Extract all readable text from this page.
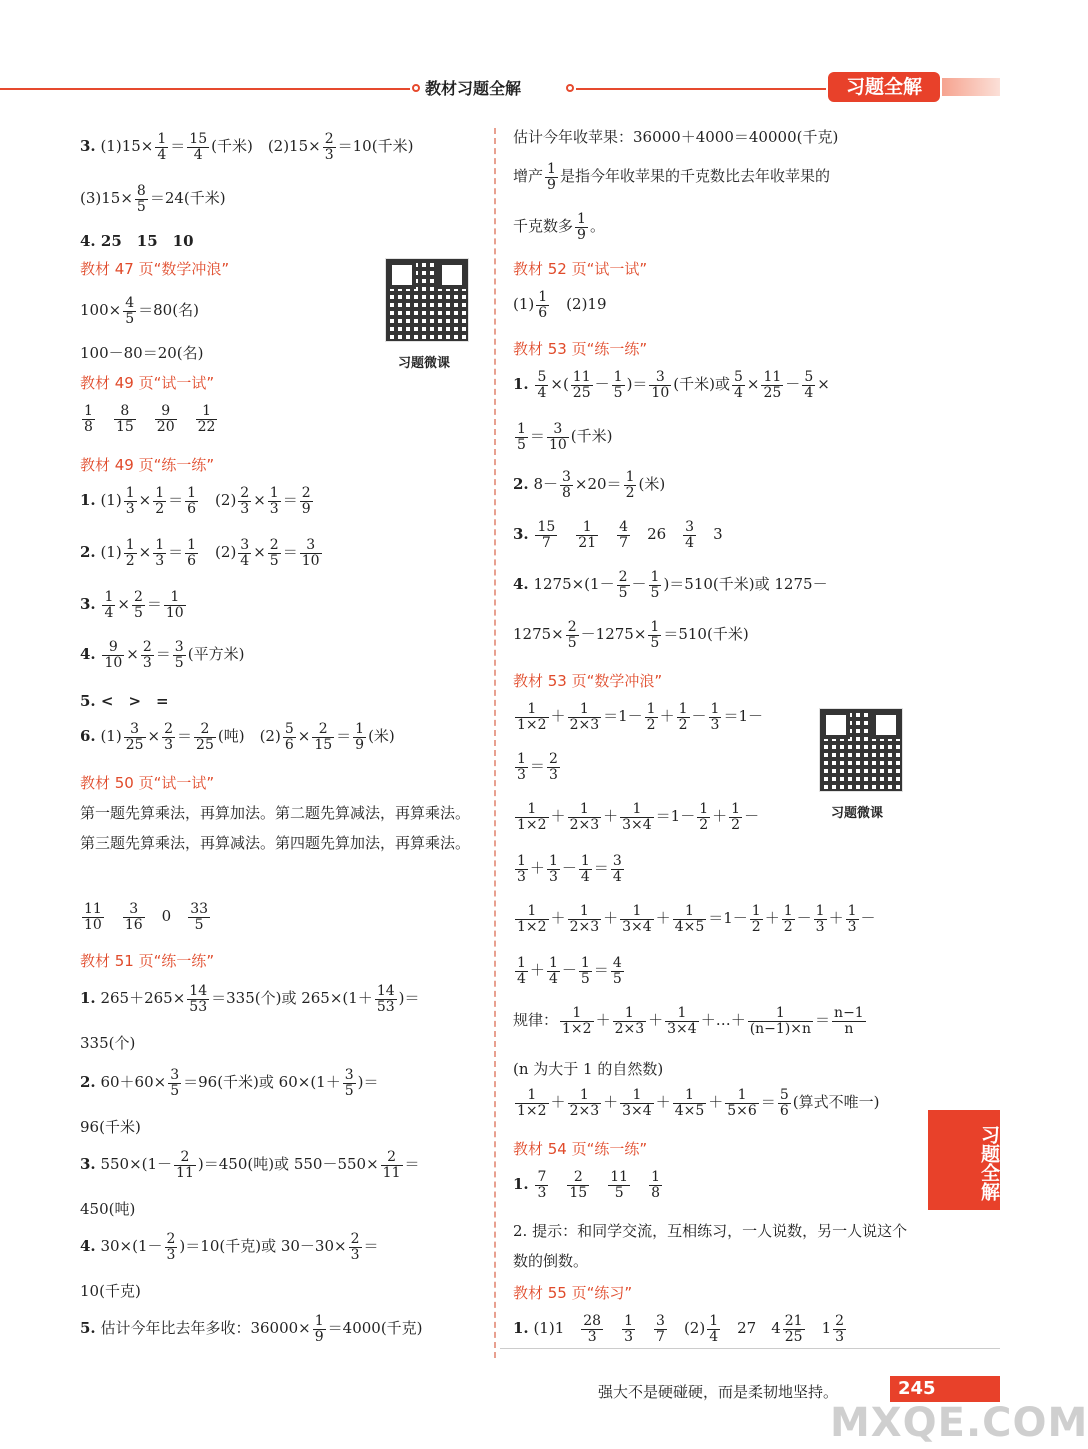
教材习题全解	习题全解
3. $(1)15\times \frac{1}{4} = \frac{15}{4}$ (千米)　$(2)15\times \frac{2}{3} =10$(千米)
$(3)15\times \frac{8}{5} =24$(千米)
4. 25　15　10
教材 47 页“数学冲浪”
$100\times \frac{4}{5} =80$(名)
100－80＝20(名)
习题微课
教材 49 页“试一试”
$\frac{1}{8}$
　 $\frac{8}{15}$
　 $\frac{9}{20}$
　 $\frac{1}{22}$
教材 49 页“练一练”
1. $(1) \frac{1}{3} \times \frac{1}{2} = \frac{1}{6}$ 　$(2) \frac{2}{3} \times \frac{1}{3} = \frac{2}{9}$
2. $(1) \frac{1}{2} \times \frac{1}{3} = \frac{1}{6}$ 　$(2) \frac{3}{4} \times \frac{2}{5} = \frac{3}{10}$
3. $\frac{1}{4} \times \frac{2}{5} = \frac{1}{10}$
4. $\frac{9}{10} \times \frac{2}{3} = \frac{3}{5}$ (平方米)
5. <　>　=
6. $(1) \frac{3}{25} \times \frac{2}{3} = \frac{2}{25}$ (吨)　$(2) \frac{5}{6} \times \frac{2}{15} = \frac{1}{9}$ (米)
教材 50 页“试一试”
第一题先算乘法，再算加法。第二题先算减法，再算乘法。第三题先算乘法，再算减法。第四题先算加法，再算乘法。
$\frac{11}{10}$
　 $\frac{3}{16}$ 　0　 $\frac{33}{5}$
教材 51 页“练一练”
1. $265+265\times \frac{14}{53} =335$(个)或 $265\times(1+ \frac{14}{53}$ )＝
335(个)
2. $60+60\times \frac{3}{5} =96$(千米)或 $60\times(1+ \frac{3}{5}$ )＝
96(千米)
3. $550\times(1- \frac{2}{11} )=450$(吨)或 $550-550\times \frac{2}{11}$ ＝
450(吨)
4. $30\times(1- \frac{2}{3} )=10$(千克)或 $30-30\times \frac{2}{3}$ ＝
10(千克)
5. 估计今年比去年多收：$36000\times \frac{1}{9} =4000$(千克)
估计今年收苹果：36000＋4000＝40000(千克)
增产 $\frac{1}{9}$ 是指今年收苹果的千克数比去年收苹果的
千克数多 $\frac{1}{9}$ 。
教材 52 页“试一试”
$(1) \frac{1}{6}$ 　(2)19
教材 53 页“练一练”
1. $\frac{5}{4}$ ×( $\frac{11}{25} - \frac{1}{5}$ )＝ $\frac{3}{10}$ (千米)或 $\frac{5}{4} \times \frac{11}{25} - \frac{5}{4}$ ×
$\frac{1}{5} = \frac{3}{10}$ (千米)
2. $8- \frac{3}{8} \times 20= \frac{1}{2}$ (米)
3. $\frac{15}{7}$
　 $\frac{1}{21}$
　 $\frac{4}{7}$ 　26　 $\frac{3}{4}$ 　3
4. $1275\times(1- \frac{2}{5} - \frac{1}{5} )=510$(千米)或 1275－
$1275\times \frac{2}{5} -1275\times \frac{1}{5} =510$(千米)
教材 53 页“数学冲浪”
$\frac{1}{1\times 2} + \frac{1}{2\times 3} =1- \frac{1}{2} + \frac{1}{2} - \frac{1}{3} =1-$
$\frac{1}{3} = \frac{2}{3}$
习题微课
$\frac{1}{1\times 2} + \frac{1}{2\times 3} + \frac{1}{3\times 4} =1- \frac{1}{2} + \frac{1}{2}$ －
$\frac{1}{3} + \frac{1}{3} - \frac{1}{4} = \frac{3}{4}$
$\frac{1}{1\times 2} + \frac{1}{2\times 3} + \frac{1}{3\times 4} + \frac{1}{4\times 5} =1- \frac{1}{2} + \frac{1}{2} - \frac{1}{3} + \frac{1}{3}$ －
$\frac{1}{4} + \frac{1}{4} - \frac{1}{5} = \frac{4}{5}$
规律： $\frac{1}{1\times 2} + \frac{1}{2\times 3} + \frac{1}{3\times 4}$ ＋…＋ $\frac{1}{(n-1)\times n} = \frac{n-1}{n}$
(n 为大于 1 的自然数)
$\frac{1}{1\times 2} + \frac{1}{2\times 3} + \frac{1}{3\times 4} + \frac{1}{4\times 5} + \frac{1}{5\times 6} = \frac{5}{6}$ (算式不唯一)
教材 54 页“练一练”
1. $\frac{7}{3}$
　 $\frac{2}{15}$
　 $\frac{11}{5}$
　 $\frac{1}{8}$
2. 提示：和同学交流，互相练习，一人说数，另一人说这个数的倒数。
教材 55 页“练习”
1. (1)1　 $\frac{28}{3}$
　 $\frac{1}{3}$
　 $\frac{3}{7}$ 　$(2) \frac{1}{4}$ 　27　$4 \frac{21}{25}$ 　$1 \frac{2}{3}$
习题全解
强大不是硬碰硬，而是柔韧地坚持。	245
MXQE.COM
